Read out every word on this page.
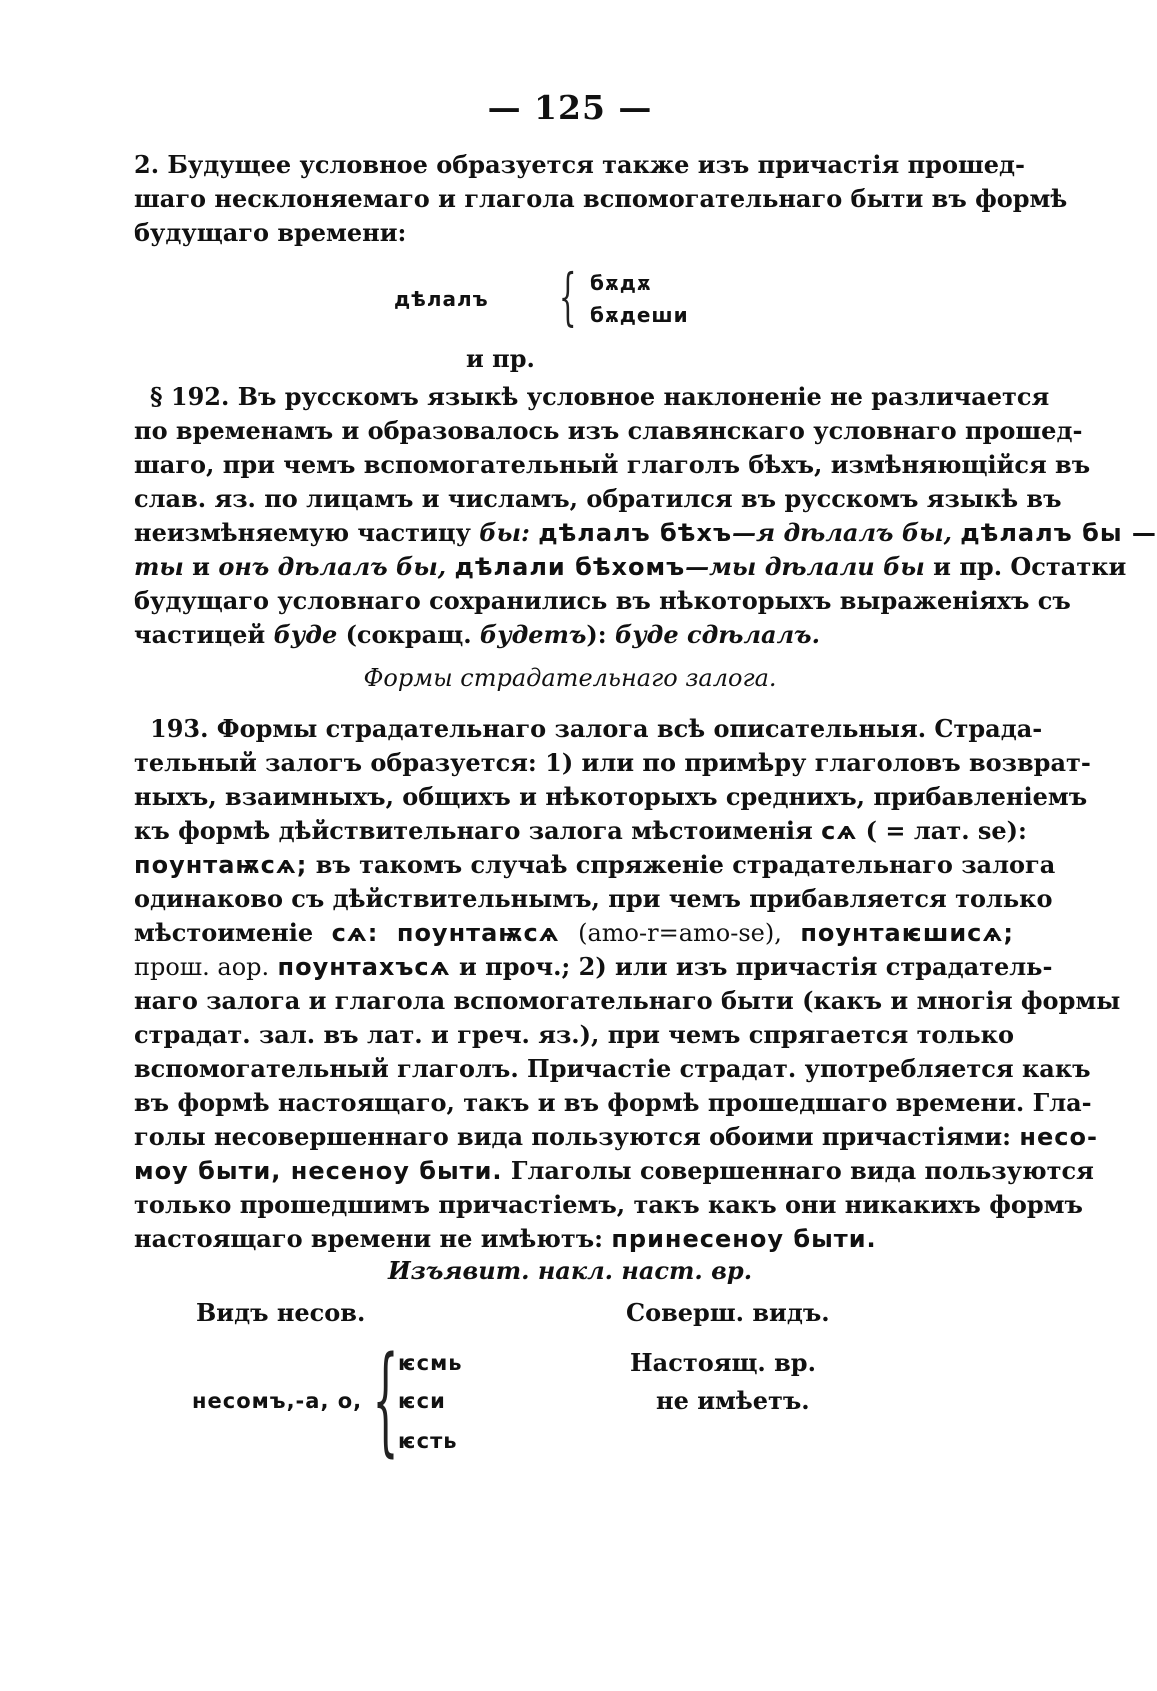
— 125 —
2. Будущее условное образуется также изъ причастія прошед-
шаго несклоняемаго и глагола вспомогательнаго быти въ формѣ
будущаго времени:
дѣлалъ { бѫдѫ
бѫдеши
и пр.
§ 192. Въ русскомъ языкѣ условное наклоненіе не различается
по временамъ и образовалось изъ славянскаго условнаго прошед-
шаго, при чемъ вспомогательный глаголъ бѣхъ, измѣняющійся въ
слав. яз. по лицамъ и числамъ, обратился въ русскомъ языкѣ въ
неизмѣняемую частицу бы: дѣлалъ бѣхъ—я дѣлалъ бы, дѣлалъ бы —
ты и онъ дѣлалъ бы, дѣлали бѣхомъ—мы дѣлали бы и пр. Остатки
будущаго условнаго сохранились въ нѣкоторыхъ выраженіяхъ съ
частицей буде (сокращ. будетъ): буде сдѣлалъ.
Формы страдательнаго залога.
193. Формы страдательнаго залога всѣ описательныя. Страда-
тельный залогъ образуется: 1) или по примѣру глаголовъ возврат-
ныхъ, взаимныхъ, общихъ и нѣкоторыхъ среднихъ, прибавленіемъ
къ формѣ дѣйствительнаго залога мѣстоименія сѧ ( = лат. se):
поунтаѭсѧ; въ такомъ случаѣ спряженіе страдательнаго залога
одинаково съ дѣйствительнымъ, при чемъ прибавляется только
мѣстоименіе сѧ: поунтаѭсѧ (amo-r=amo-se), поунтаѥшисѧ;
прош. аор. поунтахъсѧ и проч.; 2) или изъ причастія страдатель-
наго залога и глагола вспомогательнаго быти (какъ и многія формы
страдат. зал. въ лат. и греч. яз.), при чемъ спрягается только
вспомогательный глаголъ. Причастіе страдат. употребляется какъ
въ формѣ настоящаго, такъ и въ формѣ прошедшаго времени. Гла-
голы несовершеннаго вида пользуются обоими причастіями: несо-
моу быти, несеноу быти. Глаголы совершеннаго вида пользуются
только прошедшимъ причастіемъ, такъ какъ они никакихъ формъ
настоящаго времени не имѣютъ: принесеноу быти.
Изъявит. накл. наст. вр.
Видъ несов.	Соверш. видъ.
несомъ,-а, о, { ѥсмь
ѥси
ѥсть
Настоящ. вр.
не имѣетъ.
